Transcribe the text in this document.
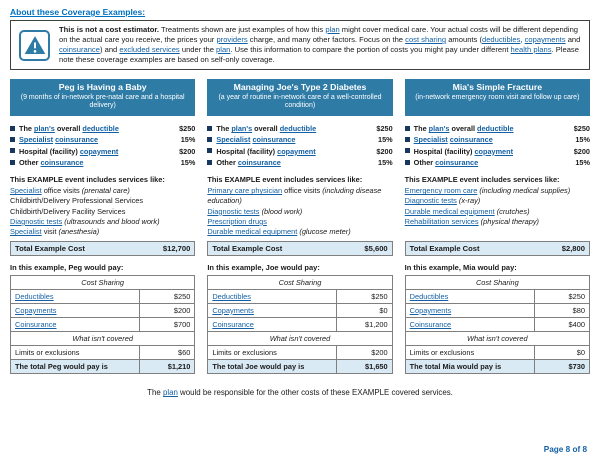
About these Coverage Examples:
This is not a cost estimator. Treatments shown are just examples of how this plan might cover medical care. Your actual costs will be different depending on the actual care you receive, the prices your providers charge, and many other factors. Focus on the cost sharing amounts (deductibles, copayments and coinsurance) and excluded services under the plan. Use this information to compare the portion of costs you might pay under different health plans. Please note these coverage examples are based on self-only coverage.
Peg is Having a Baby
(9 months of in-network pre-natal care and a hospital delivery)
The plan's overall deductible	$250
Specialist coinsurance	15%
Hospital (facility) copayment	$200
Other coinsurance	15%
This EXAMPLE event includes services like:
Specialist office visits (prenatal care)
Childbirth/Delivery Professional Services
Childbirth/Delivery Facility Services
Diagnostic tests (ultrasounds and blood work)
Specialist visit (anesthesia)
Total Example Cost	$12,700
In this example, Peg would pay:
Cost Sharing	
Deductibles	$250
Copayments	$200
Coinsurance	$700
What isn't covered	
Limits or exclusions	$60
The total Peg would pay is	$1,210
Managing Joe's Type 2 Diabetes
(a year of routine in-network care of a well-controlled condition)
The plan's overall deductible	$250
Specialist coinsurance	15%
Hospital (facility) copayment	$200
Other coinsurance	15%
This EXAMPLE event includes services like:
Primary care physician office visits (including disease education)
Diagnostic tests (blood work)
Prescription drugs
Durable medical equipment (glucose meter)
Total Example Cost	$5,600
In this example, Joe would pay:
Cost Sharing	
Deductibles	$250
Copayments	$0
Coinsurance	$1,200
What isn't covered	
Limits or exclusions	$200
The total Joe would pay is	$1,650
Mia's Simple Fracture
(in-network emergency room visit and follow up care)
The plan's overall deductible	$250
Specialist coinsurance	15%
Hospital (facility) copayment	$200
Other coinsurance	15%
This EXAMPLE event includes services like:
Emergency room care (including medical supplies)
Diagnostic tests (x-ray)
Durable medical equipment (crutches)
Rehabilitation services (physical therapy)
Total Example Cost	$2,800
In this example, Mia would pay:
Cost Sharing	
Deductibles	$250
Copayments	$80
Coinsurance	$400
What isn't covered	
Limits or exclusions	$0
The total Mia would pay is	$730
The plan would be responsible for the other costs of these EXAMPLE covered services.
Page 8 of 8
